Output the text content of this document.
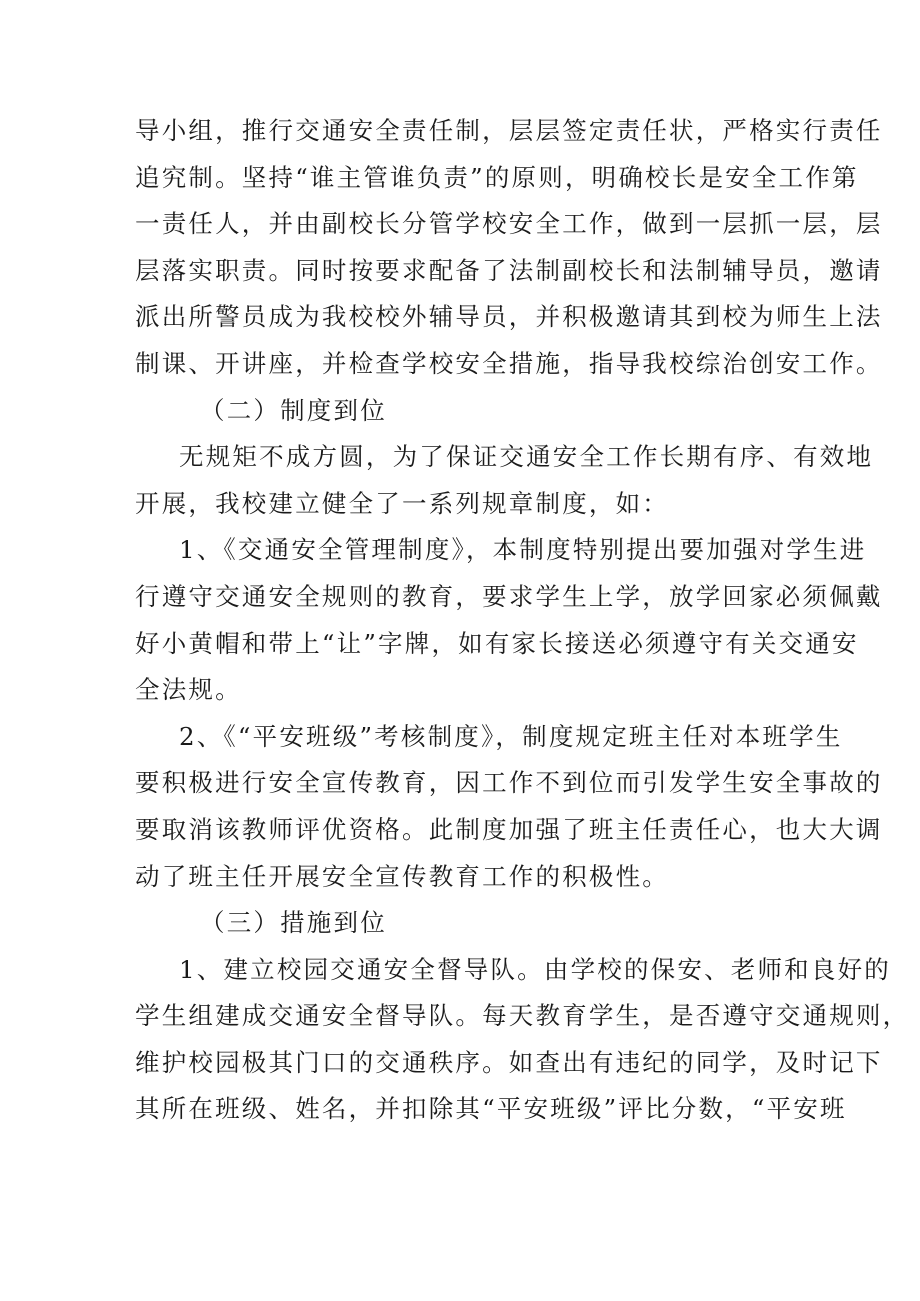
导小组，推行交通安全责任制，层层签定责任状，严格实行责任
追究制。坚持“谁主管谁负责”的原则，明确校长是安全工作第
一责任人，并由副校长分管学校安全工作，做到一层抓一层，层
层落实职责。同时按要求配备了法制副校长和法制辅导员，邀请
派出所警员成为我校校外辅导员，并积极邀请其到校为师生上法
制课、开讲座，并检查学校安全措施，指导我校综治创安工作。
（二）制度到位
无规矩不成方圆，为了保证交通安全工作长期有序、有效地
开展，我校建立健全了一系列规章制度，如：
1、《交通安全管理制度》，本制度特别提出要加强对学生进
行遵守交通安全规则的教育，要求学生上学，放学回家必须佩戴
好小黄帽和带上“让”字牌，如有家长接送必须遵守有关交通安
全法规。
2、《“平安班级”考核制度》，制度规定班主任对本班学生
要积极进行安全宣传教育，因工作不到位而引发学生安全事故的
要取消该教师评优资格。此制度加强了班主任责任心，也大大调
动了班主任开展安全宣传教育工作的积极性。
（三）措施到位
1、建立校园交通安全督导队。由学校的保安、老师和良好的
学生组建成交通安全督导队。每天教育学生，是否遵守交通规则，
维护校园极其门口的交通秩序。如查出有违纪的同学，及时记下
其所在班级、姓名，并扣除其“平安班级”评比分数，“平安班
